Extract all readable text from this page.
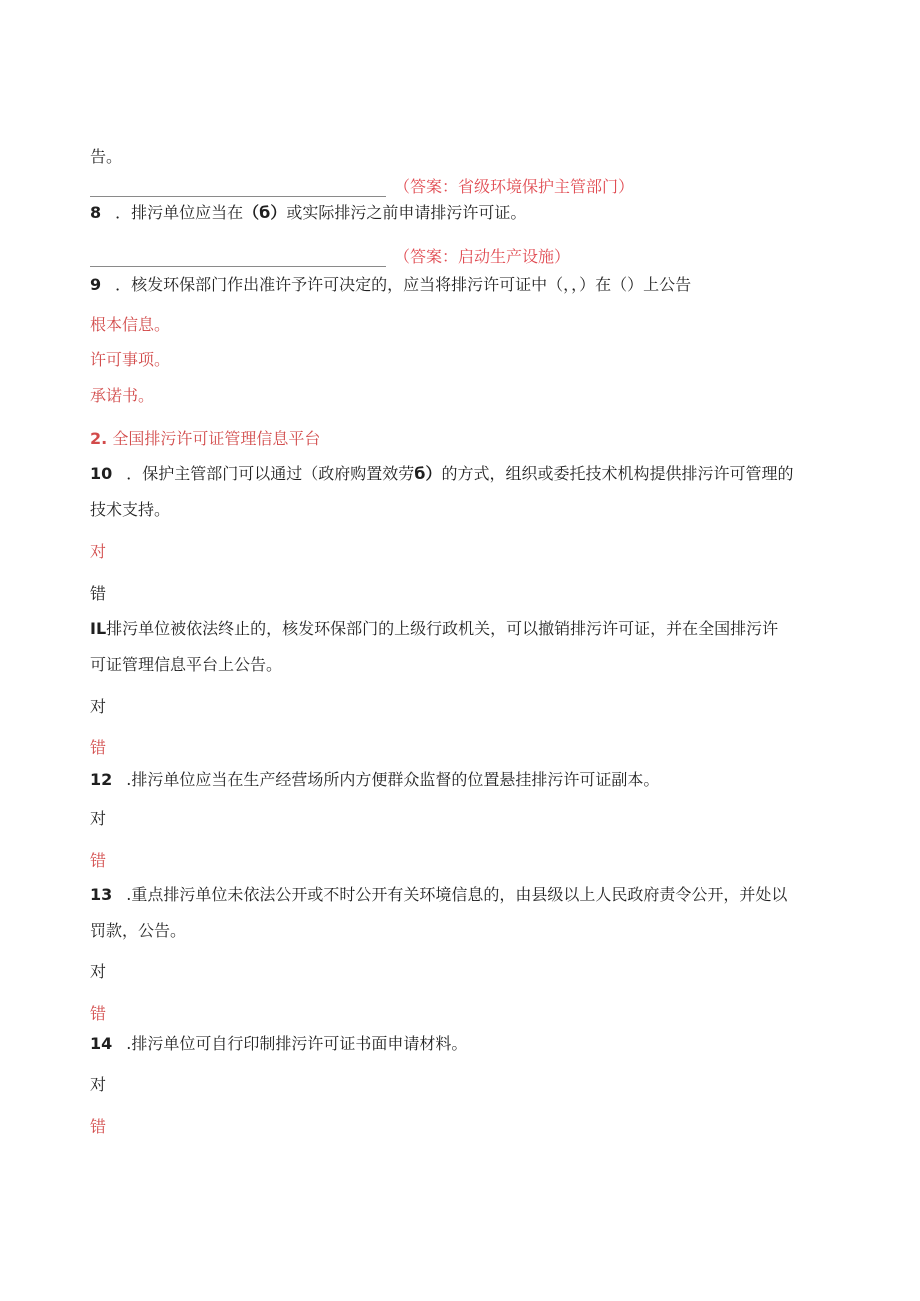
告。
（答案：省级环境保护主管部门）
8 ．排污单位应当在（б）或实际排污之前申请排污许可证。
（答案：启动生产设施）
9 ．核发环保部门作出准许予许可决定的，应当将排污许可证中（，，）在（）上公告
根本信息。
许可事项。
承诺书。
2. 全国排污许可证管理信息平台
10 ．保护主管部门可以通过（政府购置效劳б）的方式，组织或委托技术机构提供排污许可管理的
技术支持。
对
错
IL排污单位被依法终止的，核发环保部门的上级行政机关，可以撤销排污许可证，并在全国排污许
可证管理信息平台上公告。
对
错
12 .排污单位应当在生产经营场所内方便群众监督的位置悬挂排污许可证副本。
对
错
13 .重点排污单位未依法公开或不时公开有关环境信息的，由县级以上人民政府责令公开，并处以
罚款，公告。
对
错
14 .排污单位可自行印制排污许可证书面申请材料。
对
错
